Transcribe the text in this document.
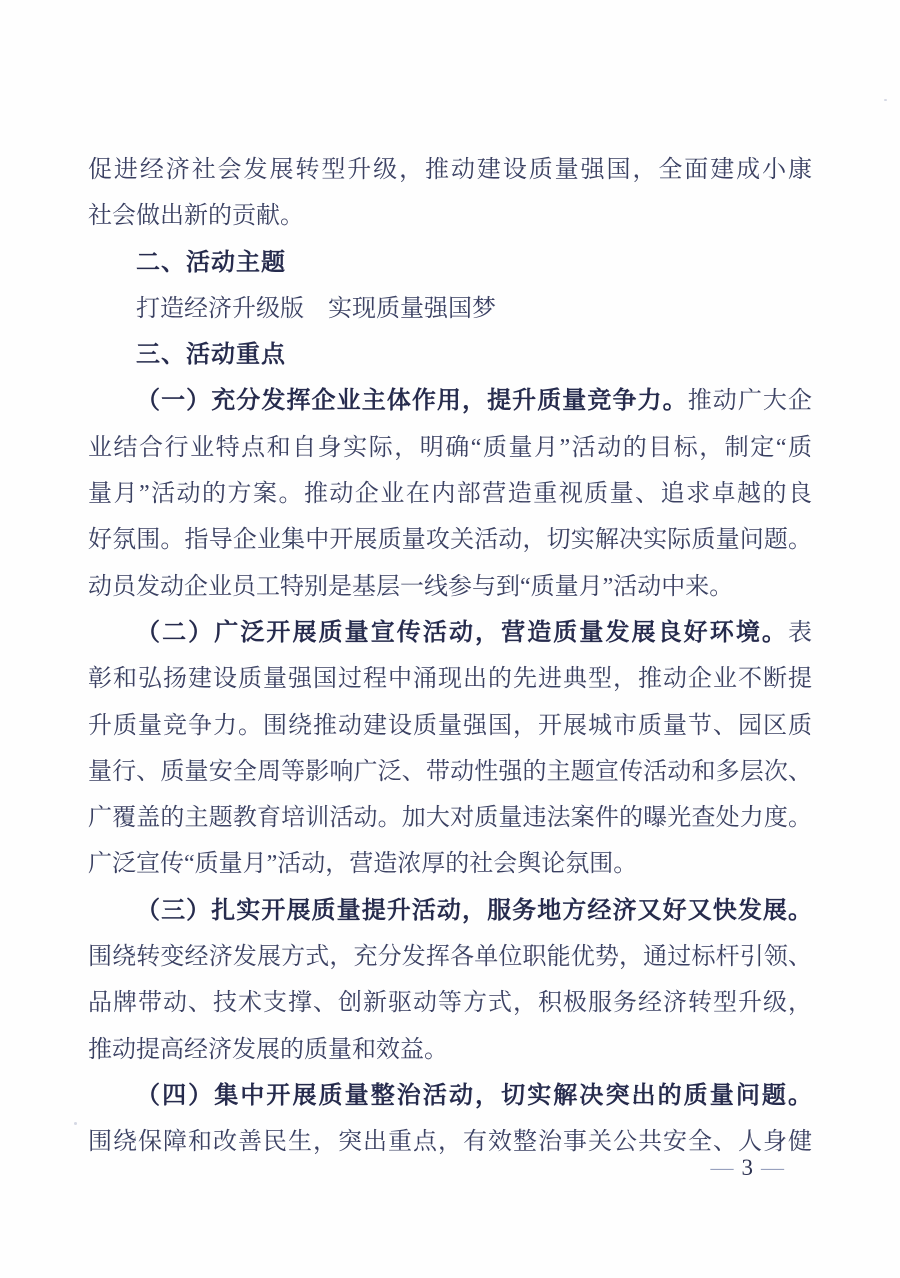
促进经济社会发展转型升级，推动建设质量强国，全面建成小康
社会做出新的贡献。
二、活动主题
打造经济升级版　实现质量强国梦
三、活动重点
（一）充分发挥企业主体作用，提升质量竞争力。推动广大企
业结合行业特点和自身实际，明确“质量月”活动的目标，制定“质
量月”活动的方案。推动企业在内部营造重视质量、追求卓越的良
好氛围。指导企业集中开展质量攻关活动，切实解决实际质量问题。
动员发动企业员工特别是基层一线参与到“质量月”活动中来。
（二）广泛开展质量宣传活动，营造质量发展良好环境。表
彰和弘扬建设质量强国过程中涌现出的先进典型，推动企业不断提
升质量竞争力。围绕推动建设质量强国，开展城市质量节、园区质
量行、质量安全周等影响广泛、带动性强的主题宣传活动和多层次、
广覆盖的主题教育培训活动。加大对质量违法案件的曝光查处力度。
广泛宣传“质量月”活动，营造浓厚的社会舆论氛围。
（三）扎实开展质量提升活动，服务地方经济又好又快发展。
围绕转变经济发展方式，充分发挥各单位职能优势，通过标杆引领、
品牌带动、技术支撑、创新驱动等方式，积极服务经济转型升级，
推动提高经济发展的质量和效益。
（四）集中开展质量整治活动，切实解决突出的质量问题。
围绕保障和改善民生，突出重点，有效整治事关公共安全、人身健
— 3 —
